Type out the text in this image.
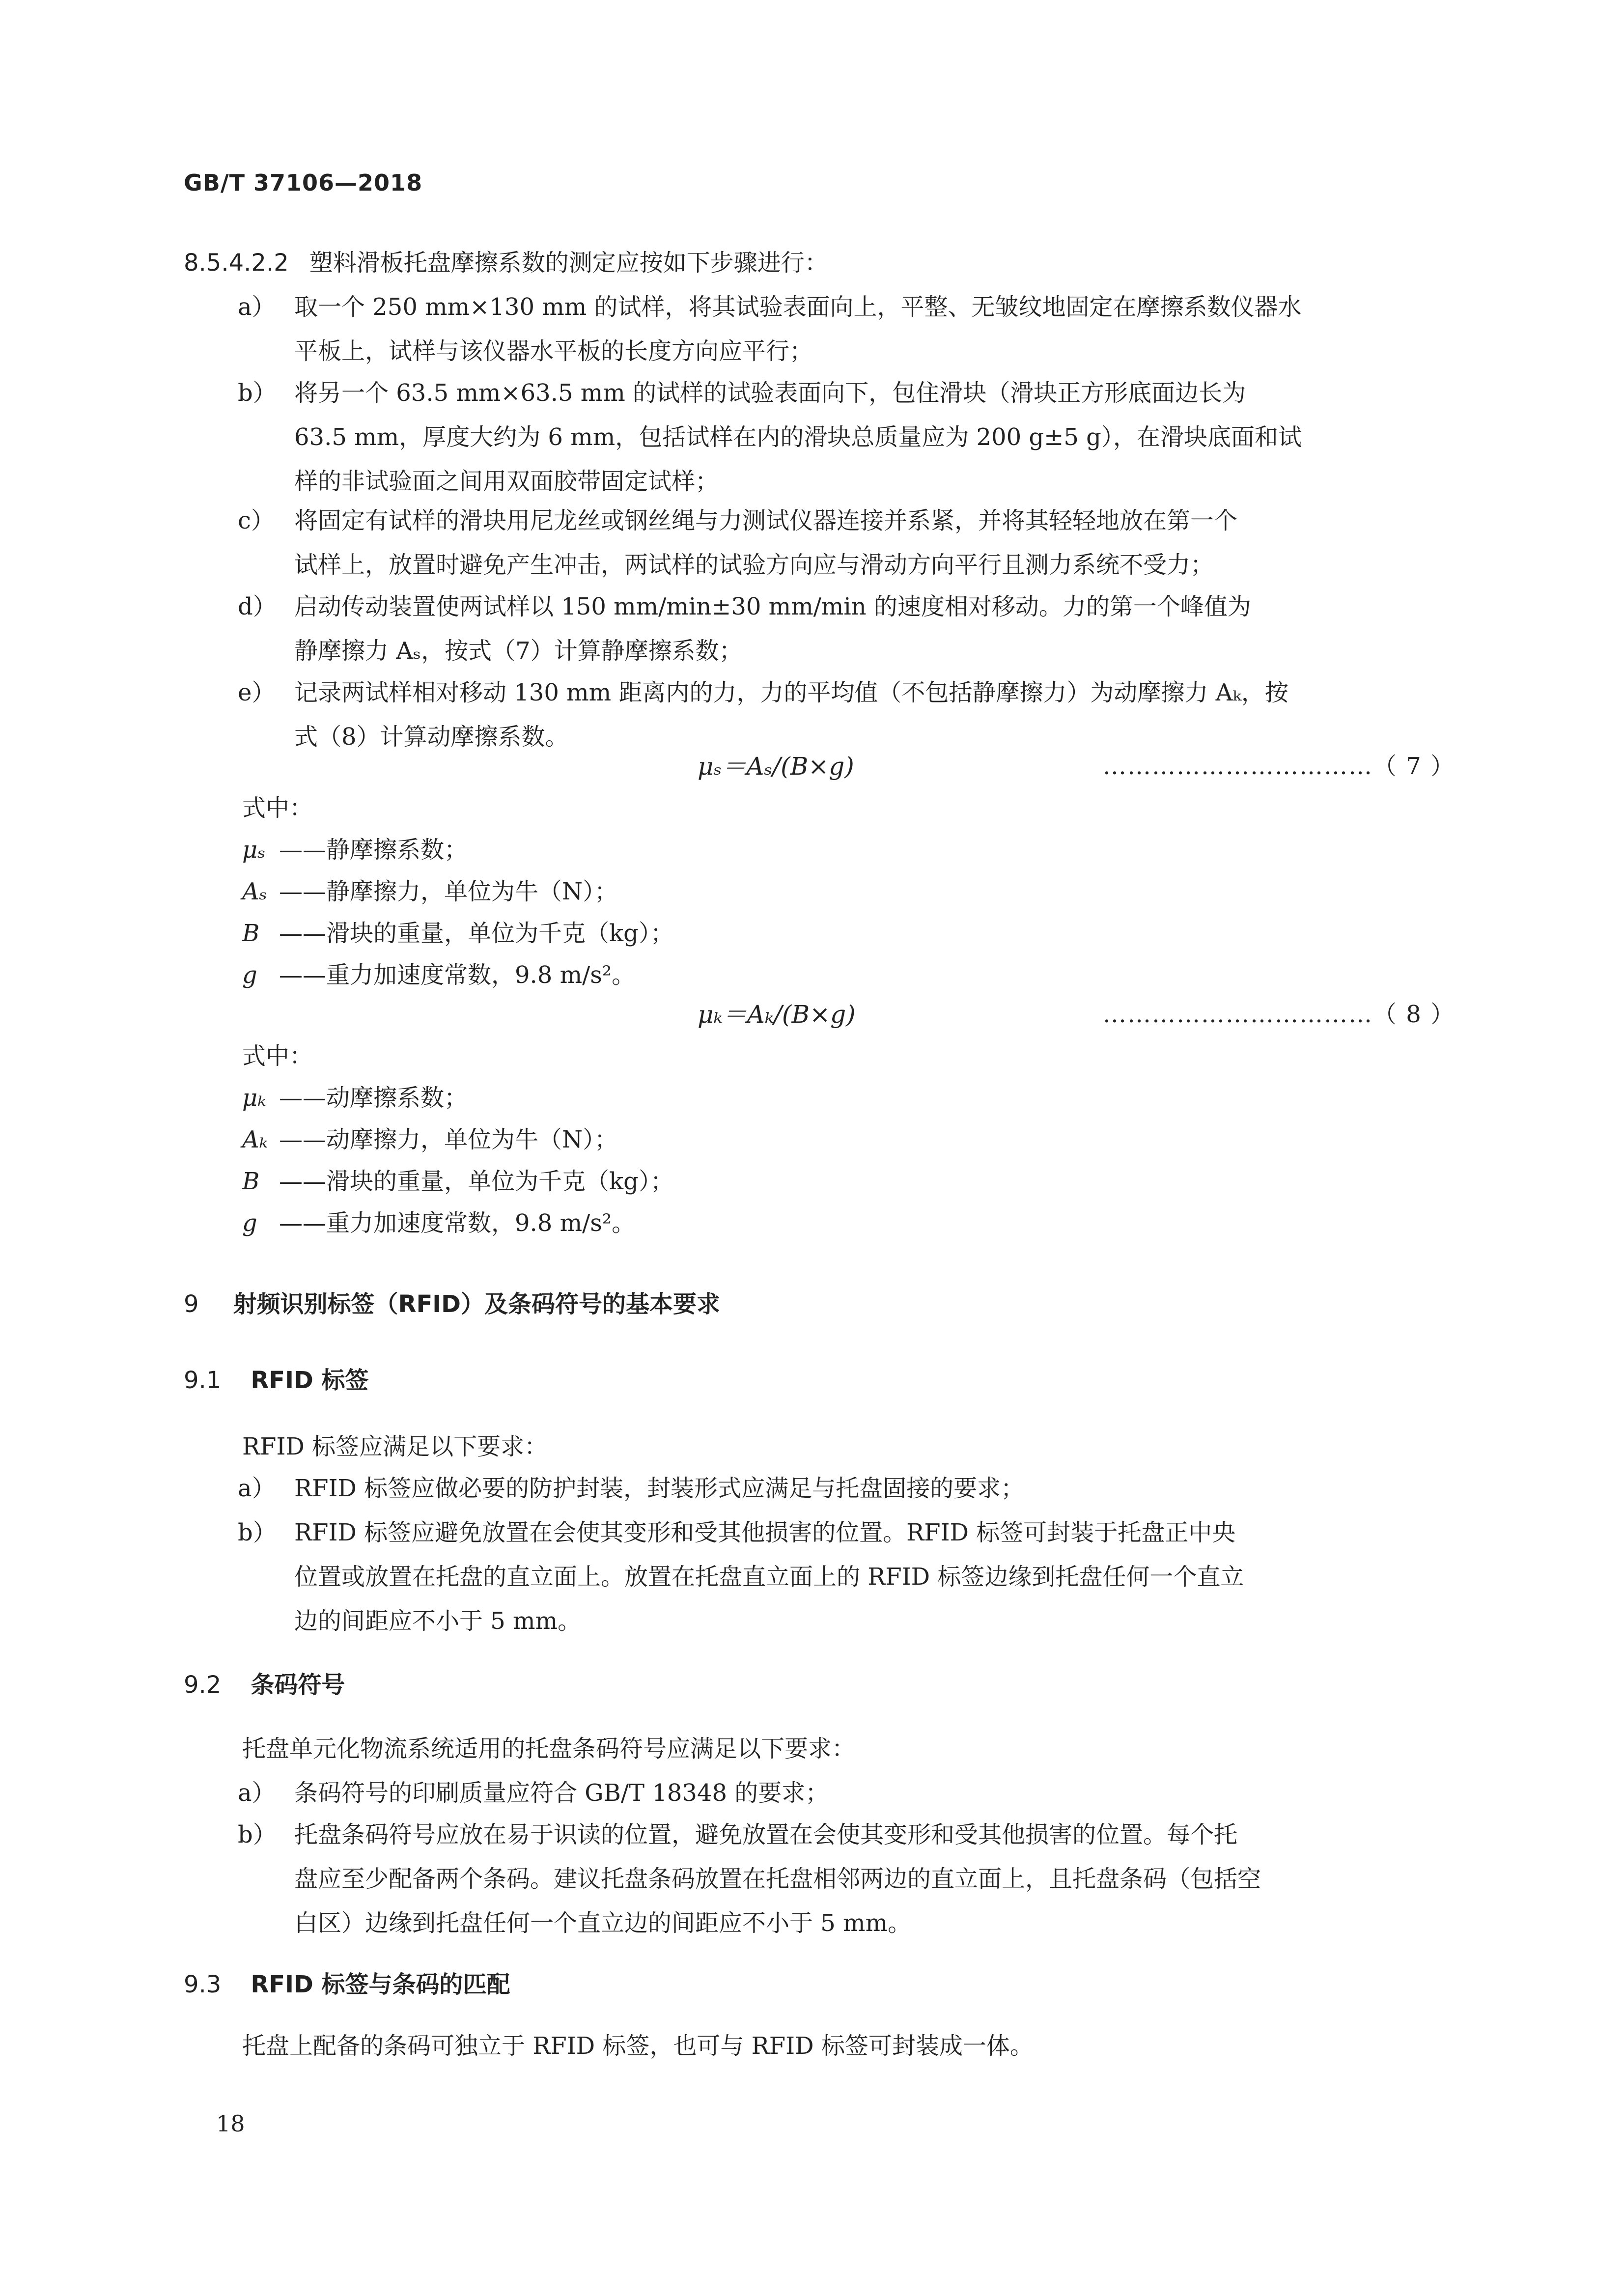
GB/T 37106—2018
8.5.4.2.2 塑料滑板托盘摩擦系数的测定应按如下步骤进行：
a） 取一个 250 mm×130 mm 的试样，将其试验表面向上，平整、无皱纹地固定在摩擦系数仪器水
平板上，试样与该仪器水平板的长度方向应平行；
b） 将另一个 63.5 mm×63.5 mm 的试样的试验表面向下，包住滑块（滑块正方形底面边长为
63.5 mm，厚度大约为 6 mm，包括试样在内的滑块总质量应为 200 g±5 g），在滑块底面和试
样的非试验面之间用双面胶带固定试样；
c） 将固定有试样的滑块用尼龙丝或钢丝绳与力测试仪器连接并系紧，并将其轻轻地放在第一个
试样上，放置时避免产生冲击，两试样的试验方向应与滑动方向平行且测力系统不受力；
d） 启动传动装置使两试样以 150 mm/min±30 mm/min 的速度相对移动。力的第一个峰值为
静摩擦力 Aₛ，按式（7）计算静摩擦系数；
e） 记录两试样相对移动 130 mm 距离内的力，力的平均值（不包括静摩擦力）为动摩擦力 Aₖ，按
式（8）计算动摩擦系数。
μₛ＝Aₛ/(B×g)	……………………………（ 7 ）
式中：
μₛ ——静摩擦系数；
Aₛ ——静摩擦力，单位为牛（N）；
B ——滑块的重量，单位为千克（kg）；
g ——重力加速度常数，9.8 m/s²。
μₖ＝Aₖ/(B×g)	……………………………（ 8 ）
式中：
μₖ ——动摩擦系数；
Aₖ ——动摩擦力，单位为牛（N）；
B ——滑块的重量，单位为千克（kg）；
g ——重力加速度常数，9.8 m/s²。
9 射频识别标签（RFID）及条码符号的基本要求
9.1 RFID 标签
RFID 标签应满足以下要求：
a） RFID 标签应做必要的防护封装，封装形式应满足与托盘固接的要求；
b） RFID 标签应避免放置在会使其变形和受其他损害的位置。RFID 标签可封装于托盘正中央
位置或放置在托盘的直立面上。放置在托盘直立面上的 RFID 标签边缘到托盘任何一个直立
边的间距应不小于 5 mm。
9.2 条码符号
托盘单元化物流系统适用的托盘条码符号应满足以下要求：
a） 条码符号的印刷质量应符合 GB/T 18348 的要求；
b） 托盘条码符号应放在易于识读的位置，避免放置在会使其变形和受其他损害的位置。每个托
盘应至少配备两个条码。建议托盘条码放置在托盘相邻两边的直立面上，且托盘条码（包括空
白区）边缘到托盘任何一个直立边的间距应不小于 5 mm。
9.3 RFID 标签与条码的匹配
托盘上配备的条码可独立于 RFID 标签，也可与 RFID 标签可封装成一体。
18
